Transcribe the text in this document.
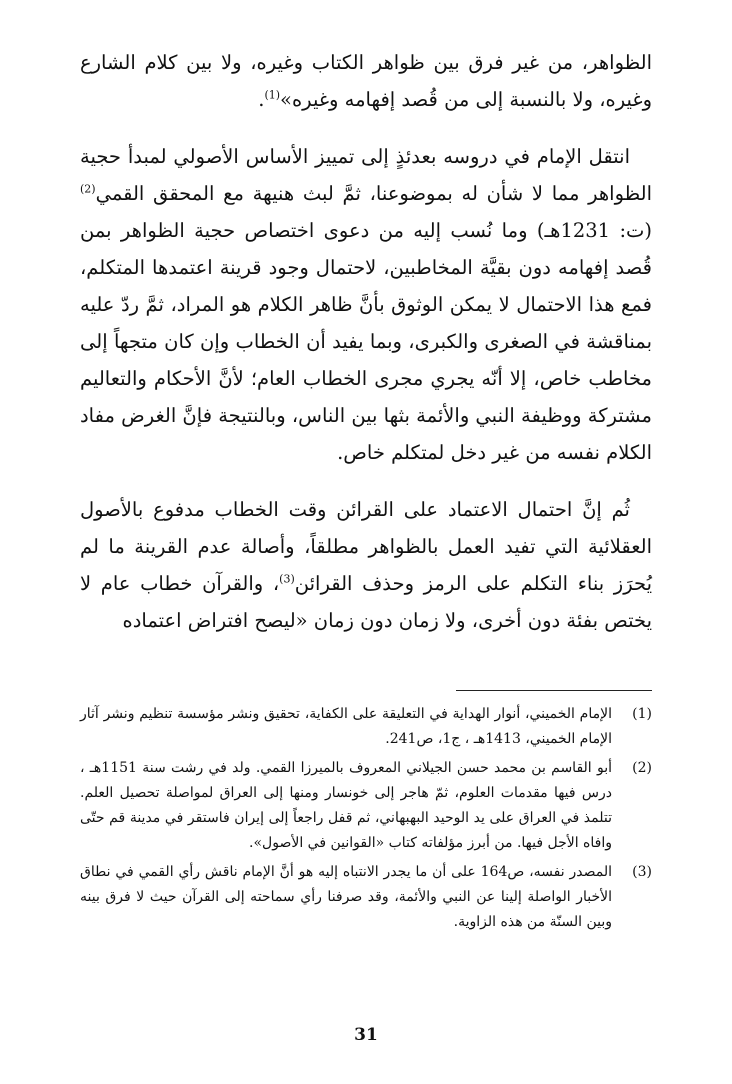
الظواهر، من غير فرق بين ظواهر الكتاب وغيره، ولا بين كلام الشارع وغيره، ولا بالنسبة إلى من قُصد إفهامه وغيره»$^{(1)}$.

انتقل الإمام في دروسه بعدئذٍ إلى تمييز الأساس الأصولي لمبدأ حجية الظواهر مما لا شأن له بموضوعنا، ثمَّ لبث هنيهة مع المحقق القمي$^{(2)}$ (ت: 1231هـ) وما نُسب إليه من دعوى اختصاص حجية الظواهر بمن قُصد إفهامه دون بقيَّة المخاطبين، لاحتمال وجود قرينة اعتمدها المتكلم، فمع هذا الاحتمال لا يمكن الوثوق بأنَّ ظاهر الكلام هو المراد، ثمَّ ردّ عليه بمناقشة في الصغرى والكبرى، وبما يفيد أن الخطاب وإن كان متجهاً إلى مخاطب خاص، إلا أنّه يجري مجرى الخطاب العام؛ لأنَّ الأحكام والتعاليم مشتركة ووظيفة النبي والأئمة بثها بين الناس، وبالنتيجة فإنَّ الغرض مفاد الكلام نفسه من غير دخل لمتكلم خاص.

ثُم إنَّ احتمال الاعتماد على القرائن وقت الخطاب مدفوع بالأصول العقلائية التي تفيد العمل بالظواهر مطلقاً، وأصالة عدم القرينة ما لم يُحرَز بناء التكلم على الرمز وحذف القرائن$^{(3)}$، والقرآن خطاب عام لا يختص بفئة دون أخرى، ولا زمان دون زمان «ليصح افتراض اعتماده

(1)
الإمام الخميني، أنوار الهداية في التعليقة على الكفاية، تحقيق ونشر مؤسسة تنظيم ونشر آثار الإمام الخميني، 1413هـ ، ج1، ص241.
(2)
أبو القاسم بن محمد حسن الجيلاني المعروف بالميرزا القمي. ولد في رشت سنة 1151هـ ، درس فيها مقدمات العلوم، ثمّ هاجر إلى خونسار ومنها إلى العراق لمواصلة تحصيل العلم. تتلمذ في العراق على يد الوحيد البهبهاني، ثم قفل راجعاً إلى إيران فاستقر في مدينة قم حتّى وافاه الأجل فيها. من أبرز مؤلفاته كتاب «القوانين في الأصول».
(3)
المصدر نفسه، ص164 على أن ما يجدر الانتباه إليه هو أنَّ الإمام ناقش رأي القمي في نطاق الأخبار الواصلة إلينا عن النبي والأئمة، وقد صرفنا رأي سماحته إلى القرآن حيث لا فرق بينه وبين السنّة من هذه الزاوية.
31
